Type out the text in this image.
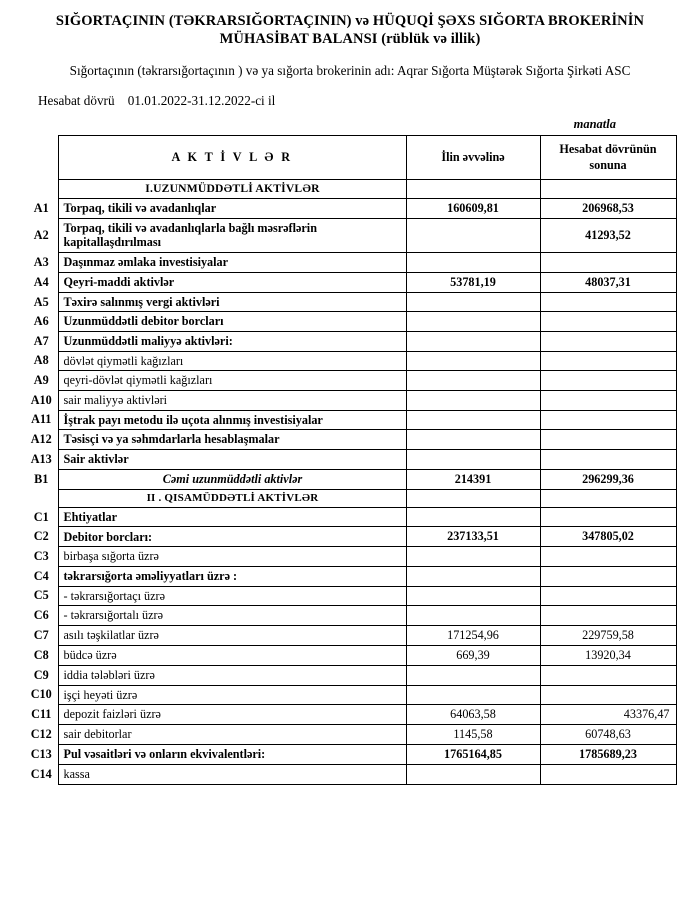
SIĞORTAÇININ (TƏKRARSIĞORTAÇININ) və HÜQUQİ ŞƏXS SIĞORTA BROKERİNİN
MÜHASİBAT BALANSI (rüblük və illik)
Sığortaçının (təkrarsığortaçının ) və ya sığorta brokerinin adı: Aqrar Sığorta Müştərək Sığorta Şirkəti ASC
Hesabat dövrü 01.01.2022-31.12.2022-ci il
manatla
	A K T İ V L Ə R	İlin əvvəlinə	Hesabat dövrünün
sonuna

	I.UZUNMÜDDƏTLİ AKTİVLƏR		
A1	Torpaq, tikili və avadanlıqlar	160609,81	206968,53
A2	Torpaq, tikili və avadanlıqlarla bağlı məsrəflərin kapitallaşdırılması		41293,52
A3	Daşınmaz əmlaka investisiyalar		
A4	Qeyri-maddi aktivlər	53781,19	48037,31
A5	Təxirə salınmış vergi aktivləri		
A6	Uzunmüddətli debitor borcları		
A7	Uzunmüddətli maliyyə aktivləri:		
A8	dövlət qiymətli kağızları		
A9	qeyri-dövlət qiymətli kağızları		
A10	sair maliyyə aktivləri		
A11	İştrak payı metodu ilə uçota alınmış investisiyalar		
A12	Təsisçi və ya səhmdarlarla hesablaşmalar		
A13	Sair aktivlər		
B1	Cəmi uzunmüddətli aktivlər	214391	296299,36
	II . QISAMÜDDƏTLİ AKTİVLƏR		
C1	Ehtiyatlar		
C2	Debitor borcları:	237133,51	347805,02
C3	birbaşa sığorta üzrə		
C4	təkrarsığorta əməliyyatları üzrə :		
C5	- təkrarsığortaçı üzrə		
C6	- təkrarsığortalı üzrə		
C7	asılı təşkilatlar üzrə	171254,96	229759,58
C8	büdcə üzrə	669,39	13920,34
C9	iddia tələbləri üzrə		
C10	işçi heyəti üzrə		
C11	depozit faizləri üzrə	64063,58	43376,47
C12	sair debitorlar	1145,58	60748,63
C13	Pul vəsaitləri və onların ekvivalentləri:	1765164,85	1785689,23
C14	kassa		
